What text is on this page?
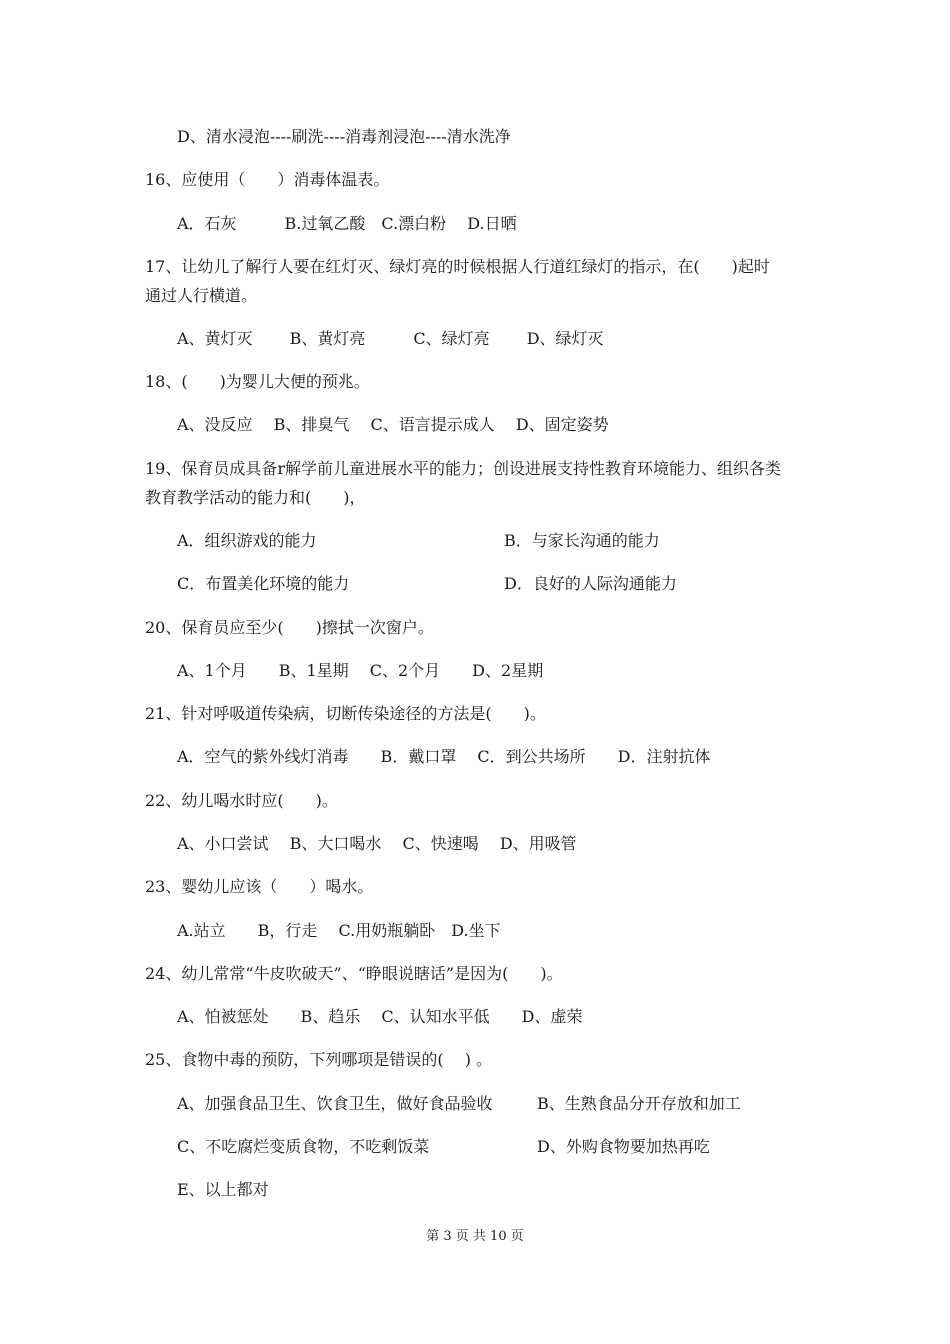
D、清水浸泡----刷洗----消毒剂浸泡----清水洗净
16、应使用（　　）消毒体温表。
A．石灰　　　B.过氧乙酸　C.漂白粉　 D.日晒
17、让幼儿了解行人要在红灯灭、绿灯亮的时候根据人行道红绿灯的指示，在(　　)起时
通过人行横道。
A、黄灯灭　　 B、黄灯亮　　　C、绿灯亮　　 D、绿灯灭
18、(　　)为婴儿大便的预兆。
A、没反应　 B、排臭气　 C、语言提示成人　 D、固定姿势
19、保育员成具备r解学前儿童进展水平的能力；创设进展支持性教育环境能力、组织各类
教育教学活动的能力和(　　)，
A．组织游戏的能力	B．与家长沟通的能力
C．布置美化环境的能力	D．良好的人际沟通能力
20、保育员应至少(　　)擦拭一次窗户。
A、1个月　　B、1星期　 C、2个月　　D、2星期
21、针对呼吸道传染病，切断传染途径的方法是(　　)。
A．空气的紫外线灯消毒　　B．戴口罩　 C．到公共场所　　D．注射抗体
22、幼儿喝水时应(　　)。
A、小口尝试　 B、大口喝水　 C、快速喝　 D、用吸管
23、婴幼儿应该（　　）喝水。
A.站立　　B，行走　 C.用奶瓶躺卧　D.坐下
24、幼儿常常“牛皮吹破天”、“睁眼说瞎话”是因为(　　)。
A、怕被惩处　　B、趋乐　 C、认知水平低　　D、虚荣
25、食物中毒的预防，下列哪项是错误的(　 ) 。
A、加强食品卫生、饮食卫生，做好食品验收	B、生熟食品分开存放和加工
C、不吃腐烂变质食物，不吃剩饭菜	D、外购食物要加热再吃
E、以上都对
第 3 页 共 10 页
